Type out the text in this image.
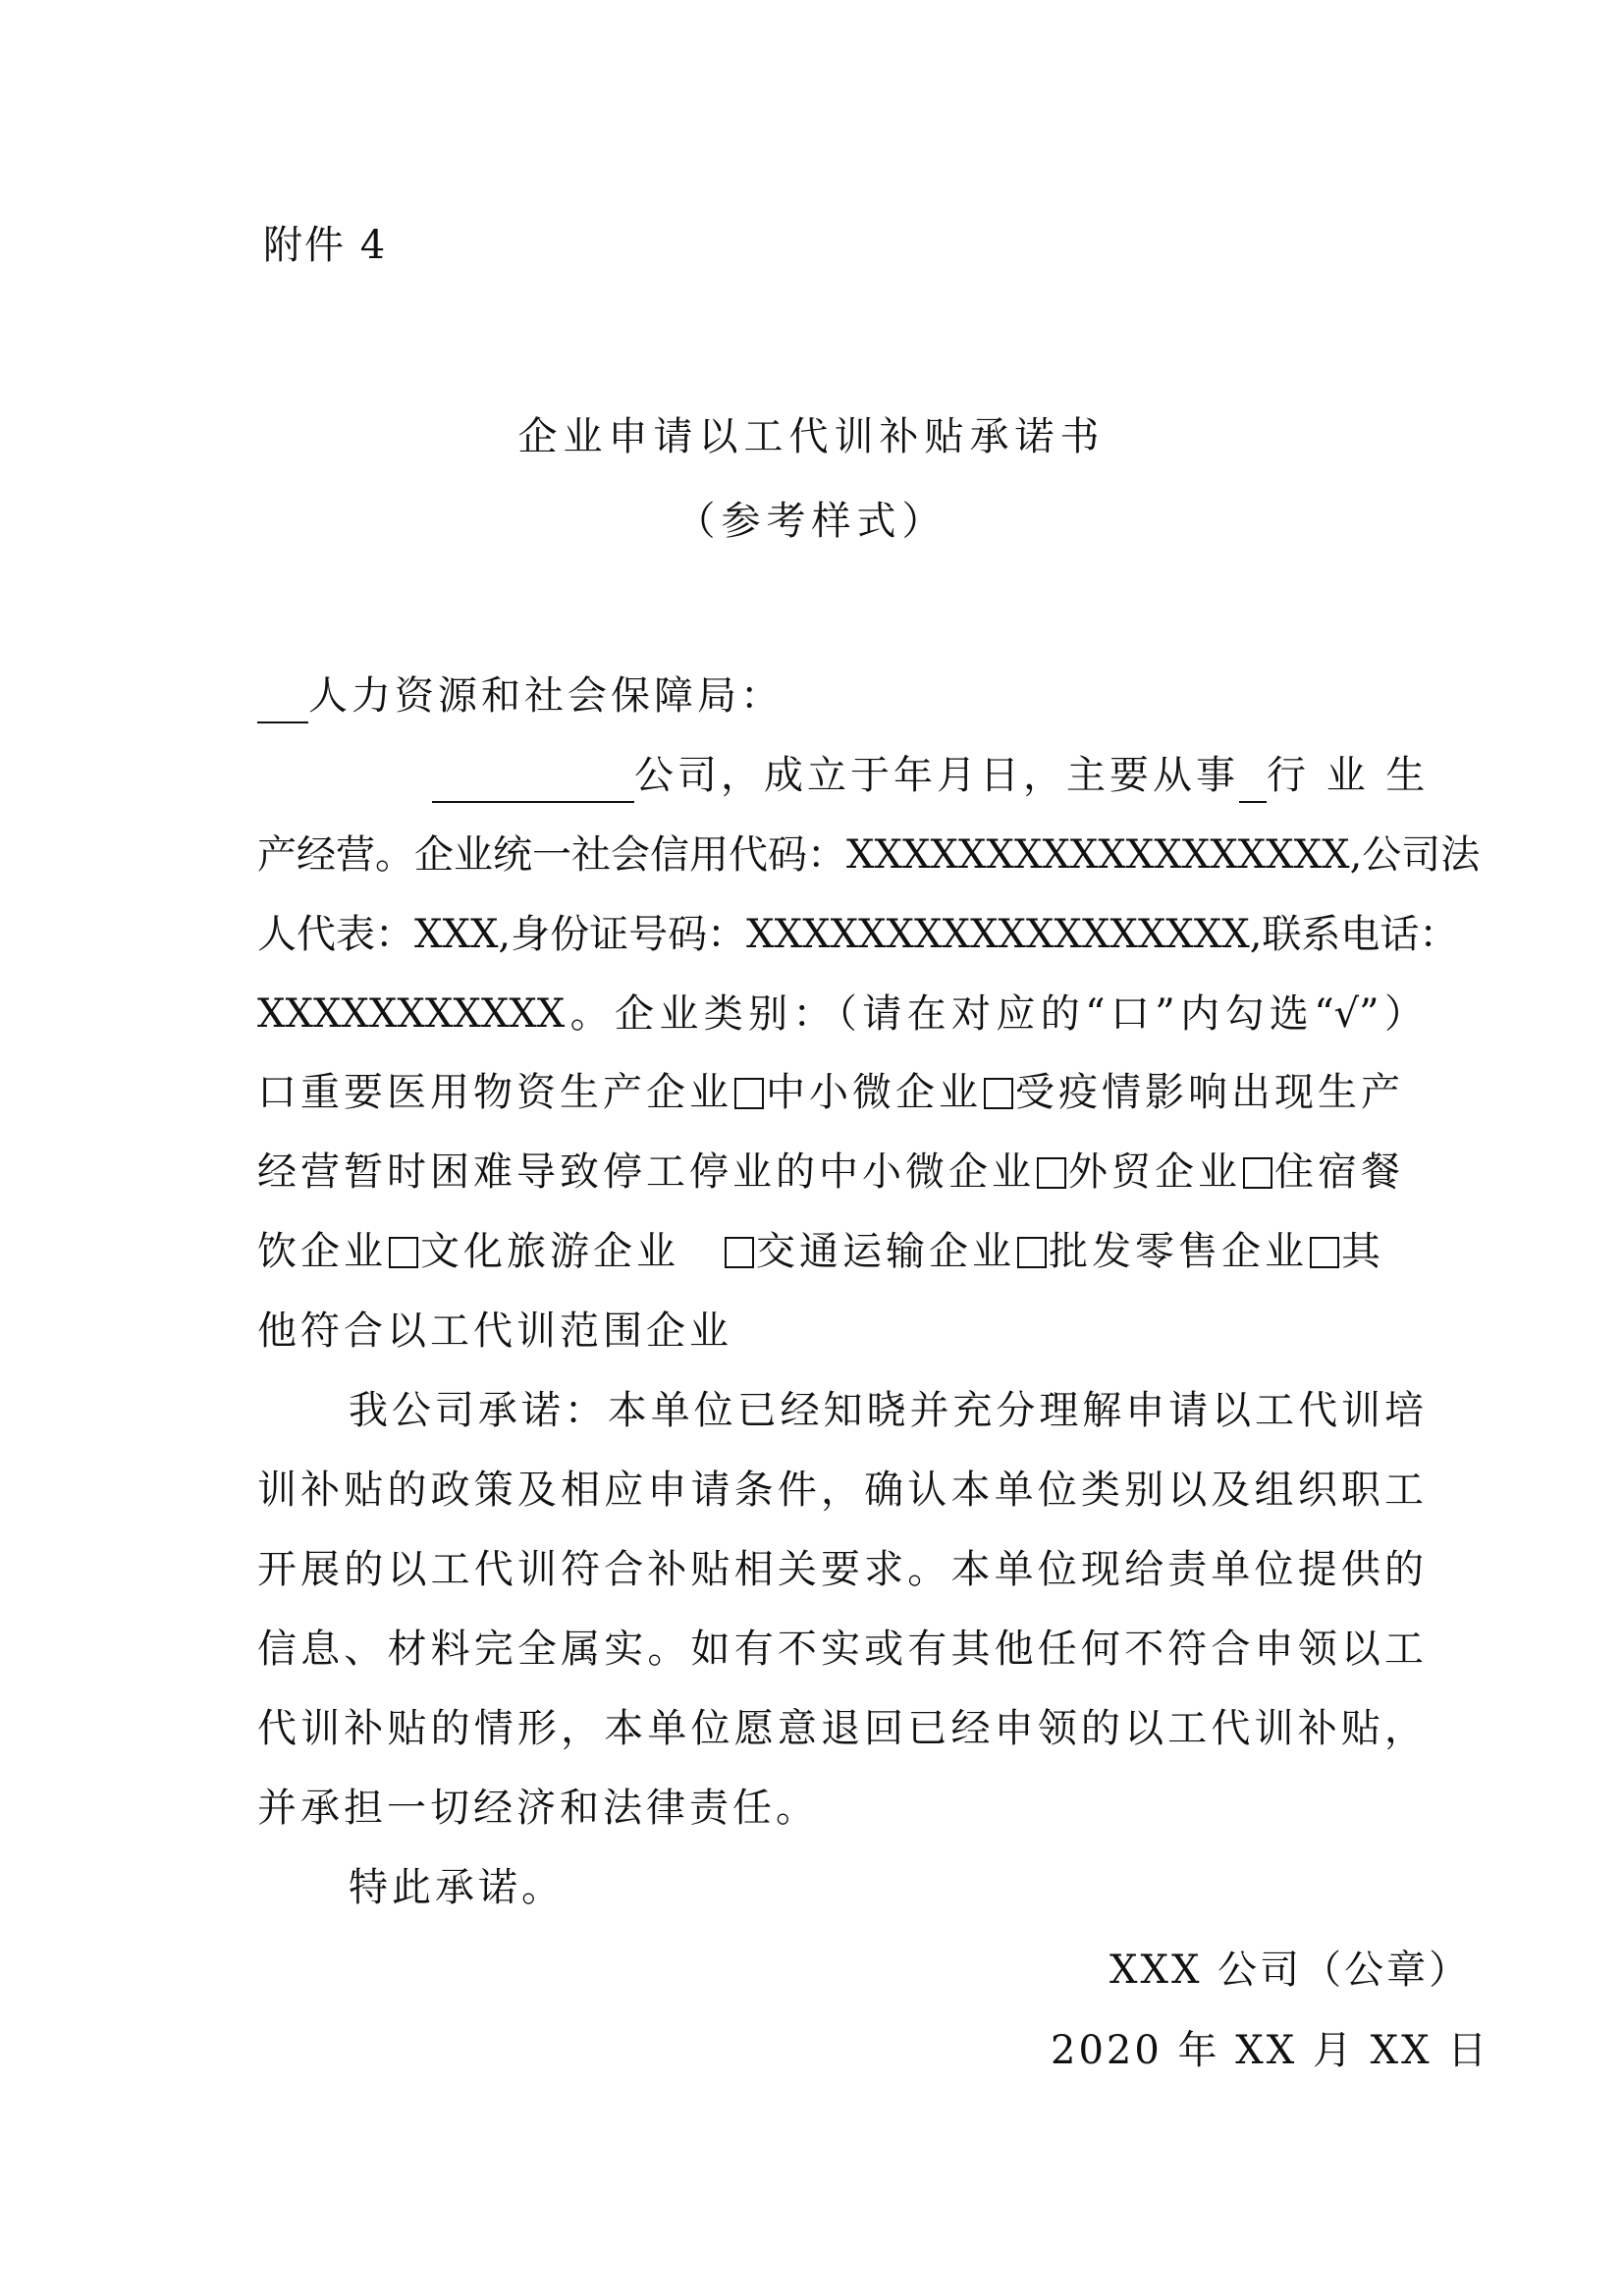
附件 4
企业申请以工代训补贴承诺书
（参考样式）
人力资源和社会保障局：
公司，成立于年月日，主要从事 行 业 生
产经营。企业统一社会信用代码：XXXXXXXXXXXXXXXXXX,公司法
人代表：XXX,身份证号码：XXXXXXXXXXXXXXXXXX,联系电话：
XXXXXXXXXXX。企业类别：（请在对应的“口”内勾选“√”）
口重要医用物资生产企业 中小微企业 受疫情影响出现生产
经营暂时困难导致停工停业的中小微企业 外贸企业 住宿餐
饮企业 文化旅游企业 交通运输企业 批发零售企业 其
他符合以工代训范围企业
我公司承诺：本单位已经知晓并充分理解申请以工代训培
训补贴的政策及相应申请条件，确认本单位类别以及组织职工
开展的以工代训符合补贴相关要求。本单位现给责单位提供的
信息、材料完全属实。如有不实或有其他任何不符合申领以工
代训补贴的情形，本单位愿意退回已经申领的以工代训补贴，
并承担一切经济和法律责任。
特此承诺。
XXX 公司（公章）
2020 年 XX 月 XX 日
